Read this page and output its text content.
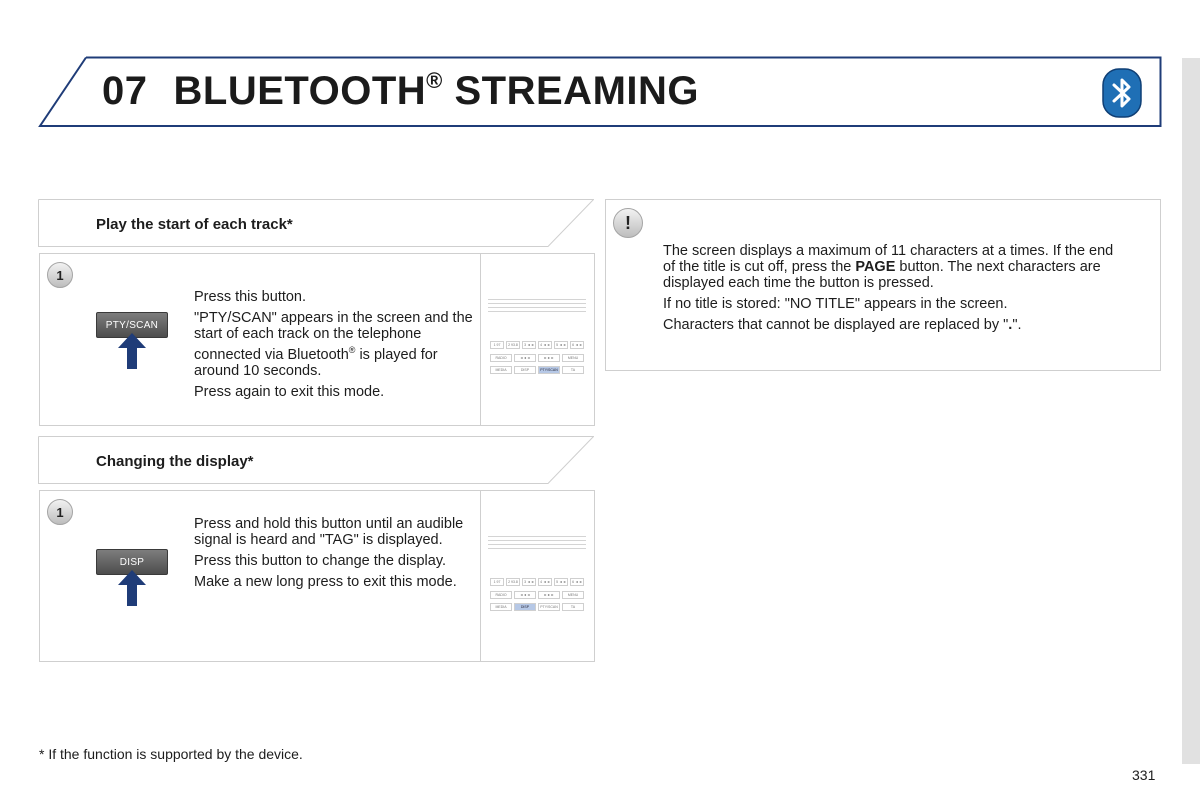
07 BLUETOOTH® STREAMING
Play the start of each track*
1
PTY/SCAN

Press this button.

"PTY/SCAN" appears in the screen and the start of each track on the telephone connected via Bluetooth® is played for around 10 seconds.

Press again to exit this mode.

1 97	2 93.8	3 ◄◄	4 ◄◄	5 ◄◄	6 ◄◄
RADIO	◄◄◄	►►►	MENU
MEDIA	DISP	PTY/SCAN	TA
Changing the display*
1
DISP

Press and hold this button until an audible signal is heard and "TAG" is displayed.

Press this button to change the display.

Make a new long press to exit this mode.	1 97	2 93.8	3 ◄◄	4 ◄◄	5 ◄◄	6 ◄◄
RADIO	◄◄◄	►►►	MENU
MEDIA	DISP	PTY/SCAN	TA
!

The screen displays a maximum of 11 characters at a times. If the end of the title is cut off, press the PAGE button. The next characters are displayed each time the button is pressed.

If no title is stored: "NO TITLE" appears in the screen.

Characters that cannot be displayed are replaced by ".".

* If the function is supported by the device.
331
